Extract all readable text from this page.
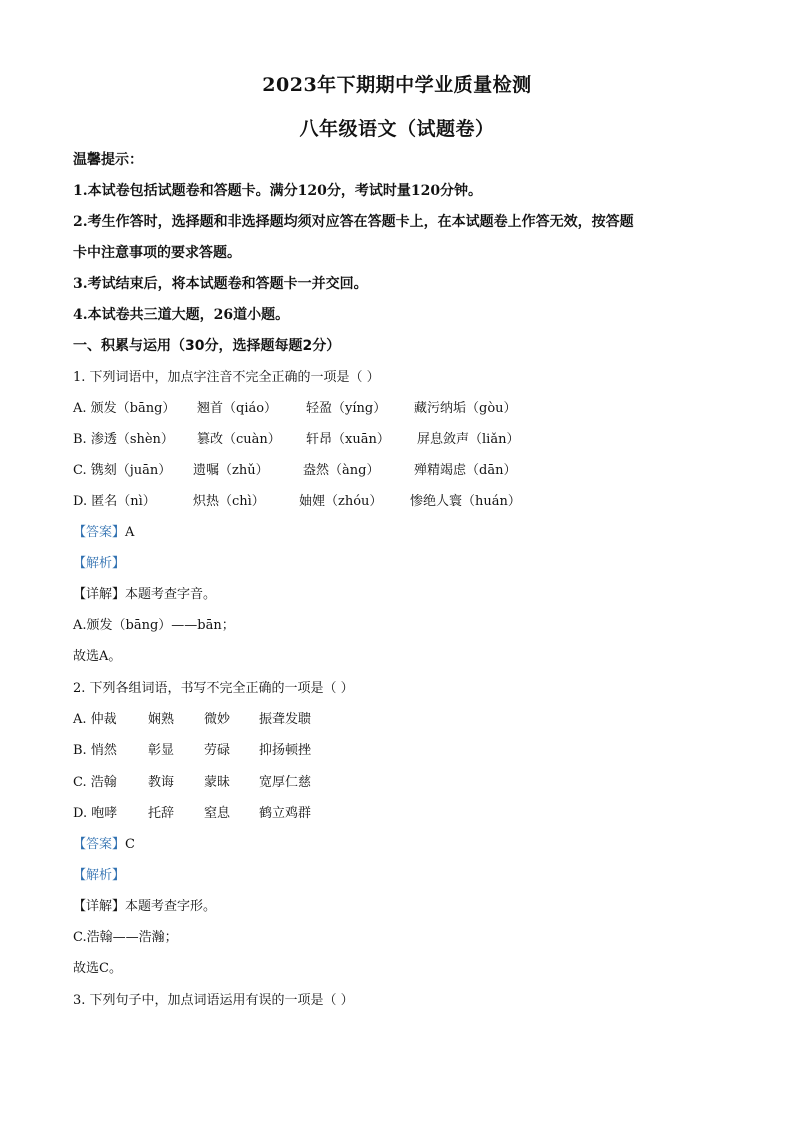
2023年下期期中学业质量检测
八年级语文（试题卷）
温馨提示：
1.本试卷包括试题卷和答题卡。满分120分，考试时量120分钟。
2.考生作答时，选择题和非选择题均须对应答在答题卡上，在本试题卷上作答无效，按答题
卡中注意事项的要求答题。
3.考试结束后，将本试题卷和答题卡一并交回。
4.本试卷共三道大题，26道小题。
一、积累与运用（30分，选择题每题2分）
1. 下列词语中，加点字注音不完全正确的一项是（ ）
A. 颁发（bāng） 翘首（qiáo） 轻盈（yíng） 藏污纳垢（gòu）
B. 渗透（shèn） 篡改（cuàn） 轩昂（xuān） 屏息敛声（liǎn）
C. 镌刻（juān） 遗嘱（zhǔ）	盎然（àng）	殚精竭虑（dān）
D. 匿名（nì）	炽热（chì）	妯娌（zhóu） 惨绝人寰（huán）
【答案】A
【解析】
【详解】本题考查字音。
A.颁发（bāng）——bān；
故选A。
2. 下列各组词语，书写不完全正确的一项是（ ）
A. 仲裁 娴熟 微妙 振聋发聩
B. 悄然 彰显 劳碌 抑扬顿挫
C. 浩翰 教诲 蒙昧 宽厚仁慈
D. 咆哮 托辞 窒息 鹤立鸡群
【答案】C
【解析】
【详解】本题考查字形。
C.浩翰——浩瀚；
故选C。
3. 下列句子中，加点词语运用有误的一项是（ ）
